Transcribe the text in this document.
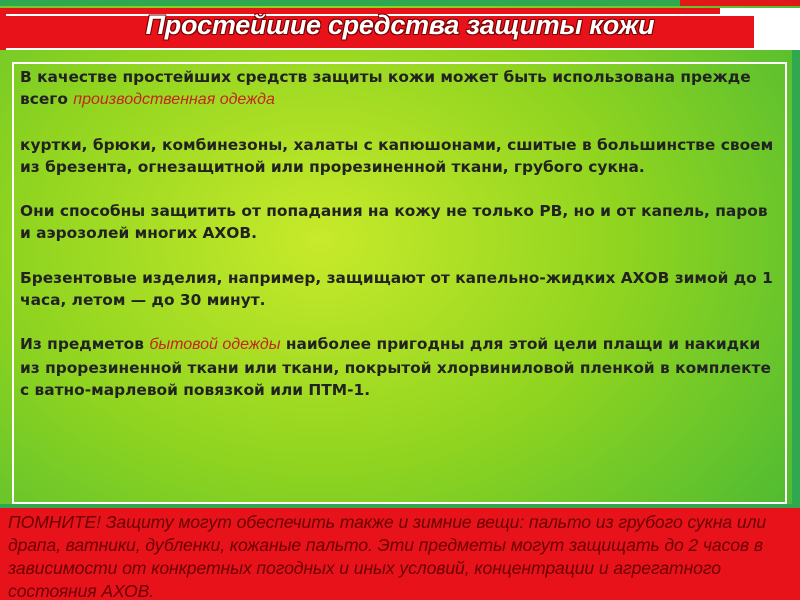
Простейшие средства защиты кожи

В качестве простейших средств защиты кожи может быть использована прежде всего производственная одежда

куртки, брюки, комбинезоны, халаты с капюшонами, сшитые в большинстве своем из брезента, огнезащитной или прорезиненной ткани, грубого сукна.

Они способны защитить от попадания на кожу не только РВ, но и от капель, паров и аэрозолей многих АХОВ.

Брезентовые изделия, например, защищают от капельно-жидких АХОВ зимой до 1 часа, летом — до 30 минут.

Из предметов бытовой одежды наиболее пригодны для этой цели плащи и накидки из прорезиненной ткани или ткани, покрытой хлорвиниловой пленкой в комплекте с ватно-марлевой повязкой или ПТМ-1.

ПОМНИТЕ! Защиту могут обеспечить также и зимние вещи: пальто из грубого сукна или драпа, ватники, дубленки, кожаные пальто. Эти предметы могут защищать до 2 часов в зависимости от конкретных погодных и иных условий, концентрации и агрегатного состояния АХОВ.
